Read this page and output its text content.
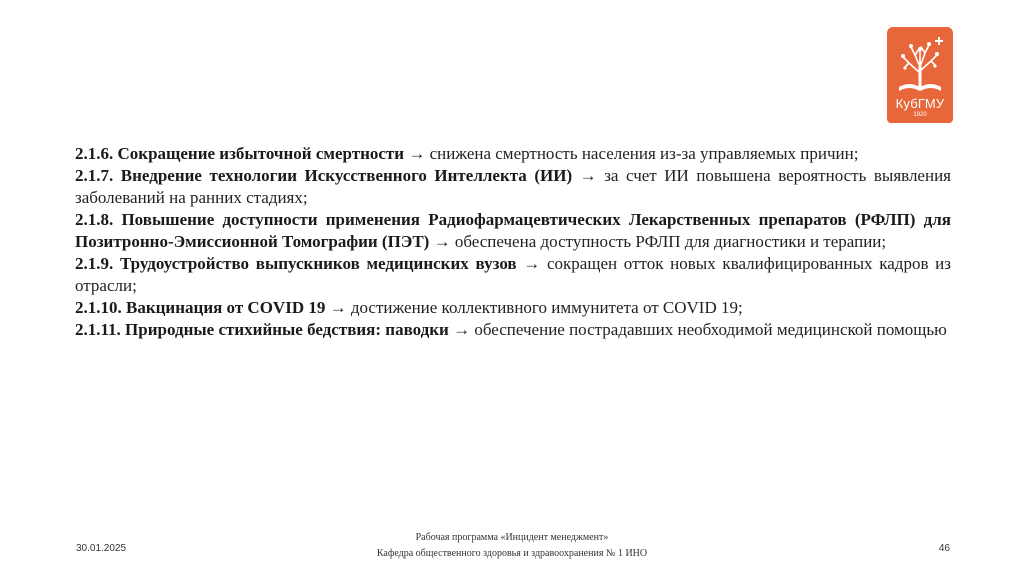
КубГМУ
1920

2.1.6. Сокращение избыточной смертности → снижена смертность населения из-за управляемых причин;

2.1.7. Внедрение технологии Искусственного Интеллекта (ИИ) → за счет ИИ повышена вероятность выявления заболеваний на ранних стадиях;

2.1.8. Повышение доступности применения Радиофармацевтических Лекарственных препаратов (РФЛП) для Позитронно-Эмиссионной Томографии (ПЭТ) → обеспечена доступность РФЛП для диагностики и терапии;

2.1.9. Трудоустройство выпускников медицинских вузов → сокращен отток новых квалифицированных кадров из отрасли;

2.1.10. Вакцинация от COVID 19 → достижение коллективного иммунитета от COVID 19;

2.1.11. Природные стихийные бедствия: паводки → обеспечение пострадавших необходимой медицинской помощью

30.01.2025
Рабочая программа «Инцидент менеджмент»
Кафедра общественного здоровья и здравоохранения № 1 ИНО	46
